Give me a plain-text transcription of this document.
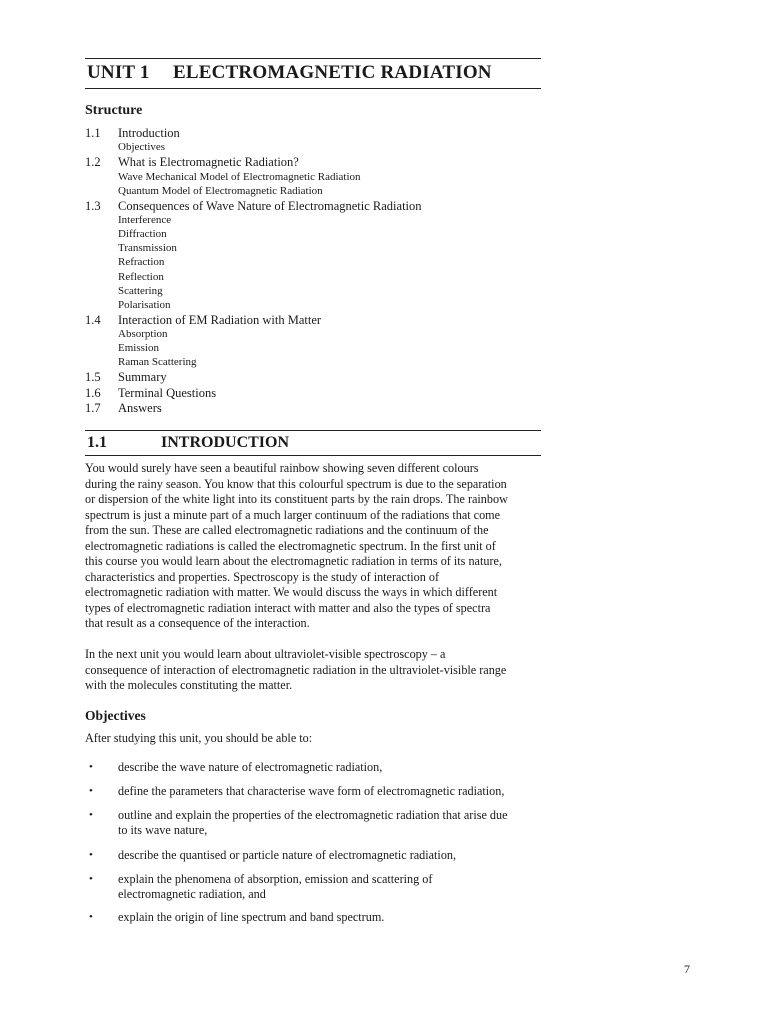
UNIT 1 ELECTROMAGNETIC RADIATION
Structure
1.1 Introduction
Objectives
1.2 What is Electromagnetic Radiation?
Wave Mechanical Model of Electromagnetic Radiation
Quantum Model of Electromagnetic Radiation
1.3 Consequences of Wave Nature of Electromagnetic Radiation
Interference
Diffraction
Transmission
Refraction
Reflection
Scattering
Polarisation
1.4 Interaction of EM Radiation with Matter
Absorption
Emission
Raman Scattering
1.5 Summary
1.6 Terminal Questions
1.7 Answers
1.1	INTRODUCTION
You would surely have seen a beautiful rainbow showing seven different colours
during the rainy season. You know that this colourful spectrum is due to the separation
or dispersion of the white light into its constituent parts by the rain drops. The rainbow
spectrum is just a minute part of a much larger continuum of the radiations that come
from the sun. These are called electromagnetic radiations and the continuum of the
electromagnetic radiations is called the electromagnetic spectrum. In the first unit of
this course you would learn about the electromagnetic radiation in terms of its nature,
characteristics and properties. Spectroscopy is the study of interaction of
electromagnetic radiation with matter. We would discuss the ways in which different
types of electromagnetic radiation interact with matter and also the types of spectra
that result as a consequence of the interaction.
In the next unit you would learn about ultraviolet-visible spectroscopy – a
consequence of interaction of electromagnetic radiation in the ultraviolet-visible range
with the molecules constituting the matter.
Objectives
After studying this unit, you should be able to:
• describe the wave nature of electromagnetic radiation,
• define the parameters that characterise wave form of electromagnetic radiation,
• outline and explain the properties of the electromagnetic radiation that arise due
to its wave nature,
• describe the quantised or particle nature of electromagnetic radiation,
• explain the phenomena of absorption, emission and scattering of
electromagnetic radiation, and
• explain the origin of line spectrum and band spectrum.
7
